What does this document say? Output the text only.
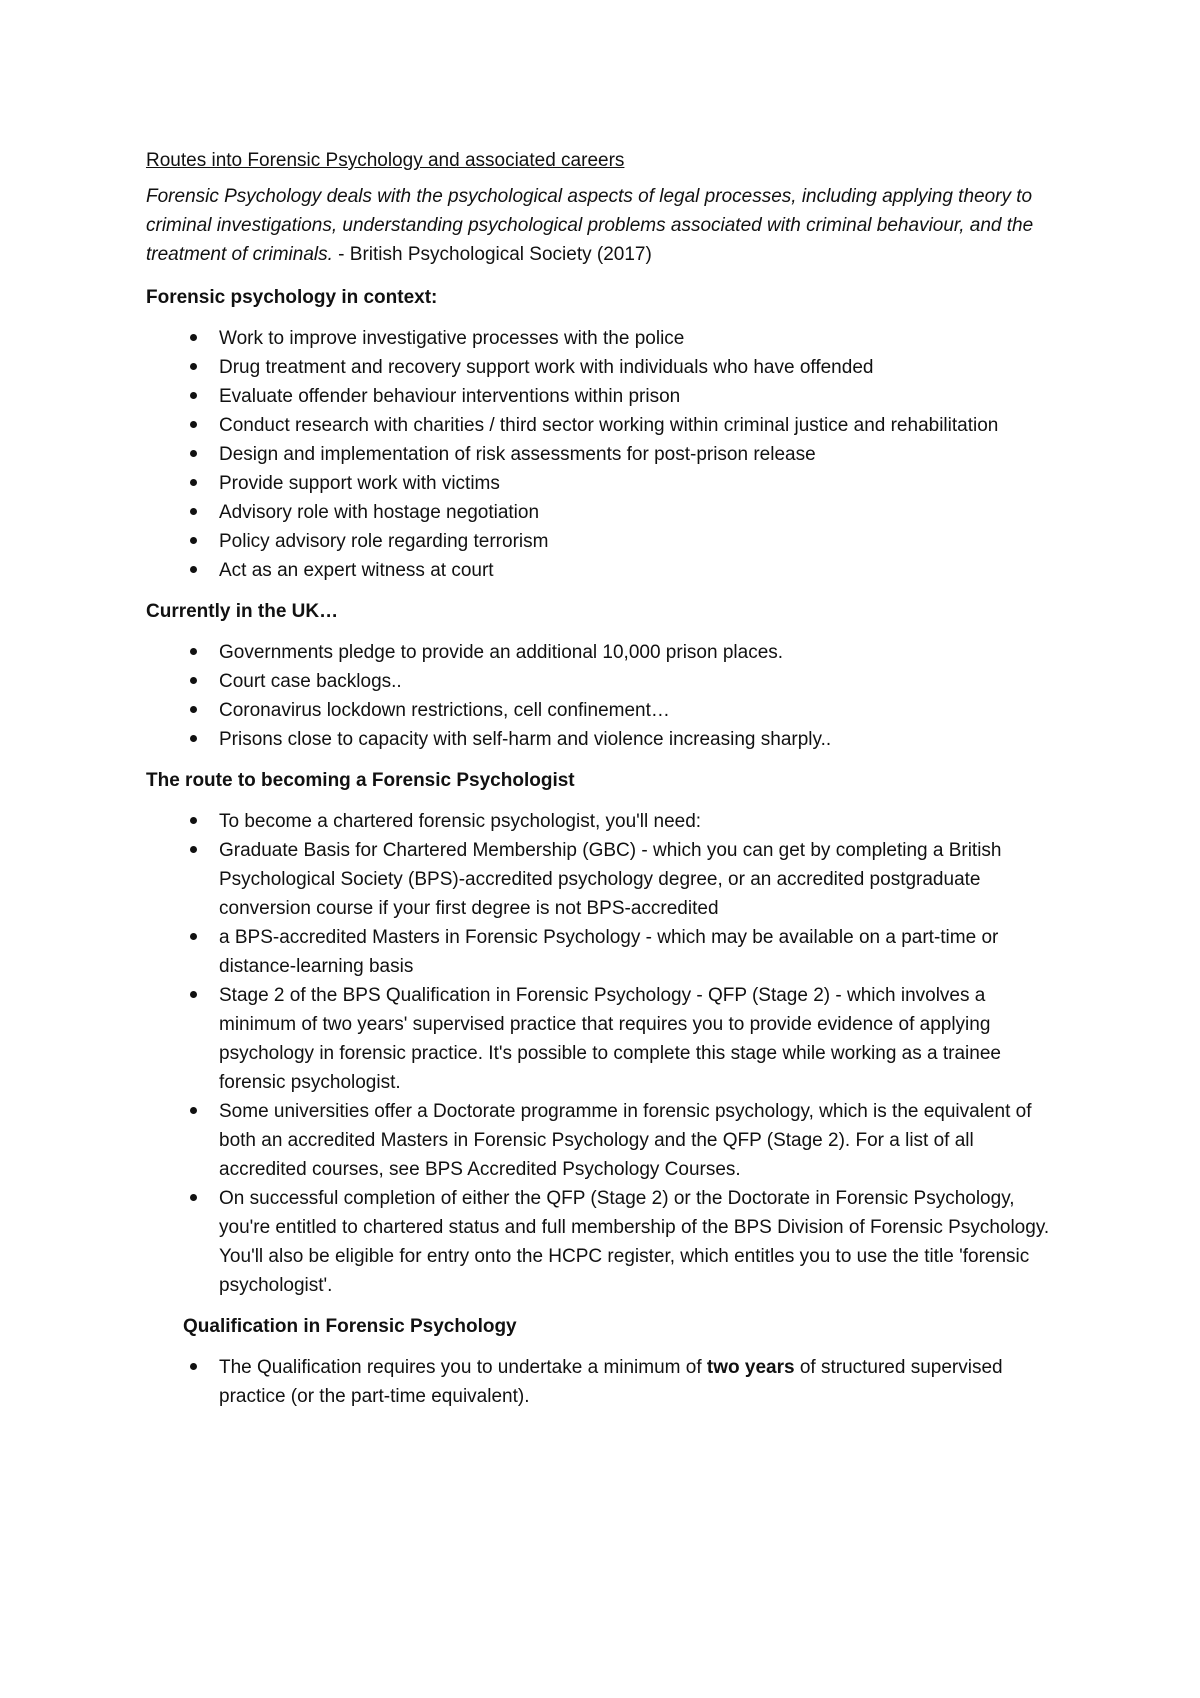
Routes into Forensic Psychology and associated careers

Forensic Psychology deals with the psychological aspects of legal processes, including applying theory to criminal investigations, understanding psychological problems associated with criminal behaviour, and the treatment of criminals. - British Psychological Society (2017)

Forensic psychology in context:
Work to improve investigative processes with the police
Drug treatment and recovery support work with individuals who have offended
Evaluate offender behaviour interventions within prison
Conduct research with charities / third sector working within criminal justice and rehabilitation
Design and implementation of risk assessments for post-prison release
Provide support work with victims
Advisory role with hostage negotiation
Policy advisory role regarding terrorism
Act as an expert witness at court
Currently in the UK…
Governments pledge to provide an additional 10,000 prison places.
Court case backlogs..
Coronavirus lockdown restrictions, cell confinement…
Prisons close to capacity with self-harm and violence increasing sharply..
The route to becoming a Forensic Psychologist
To become a chartered forensic psychologist, you'll need:
Graduate Basis for Chartered Membership (GBC) - which you can get by completing a British Psychological Society (BPS)-accredited psychology degree, or an accredited postgraduate conversion course if your first degree is not BPS-accredited
a BPS-accredited Masters in Forensic Psychology - which may be available on a part-time or distance-learning basis
Stage 2 of the BPS Qualification in Forensic Psychology - QFP (Stage 2) - which involves a minimum of two years' supervised practice that requires you to provide evidence of applying psychology in forensic practice. It's possible to complete this stage while working as a trainee forensic psychologist.
Some universities offer a Doctorate programme in forensic psychology, which is the equivalent of both an accredited Masters in Forensic Psychology and the QFP (Stage 2). For a list of all accredited courses, see BPS Accredited Psychology Courses.
On successful completion of either the QFP (Stage 2) or the Doctorate in Forensic Psychology, you're entitled to chartered status and full membership of the BPS Division of Forensic Psychology. You'll also be eligible for entry onto the HCPC register, which entitles you to use the title 'forensic psychologist'.
Qualification in Forensic Psychology
The Qualification requires you to undertake a minimum of two years of structured supervised practice (or the part-time equivalent).
